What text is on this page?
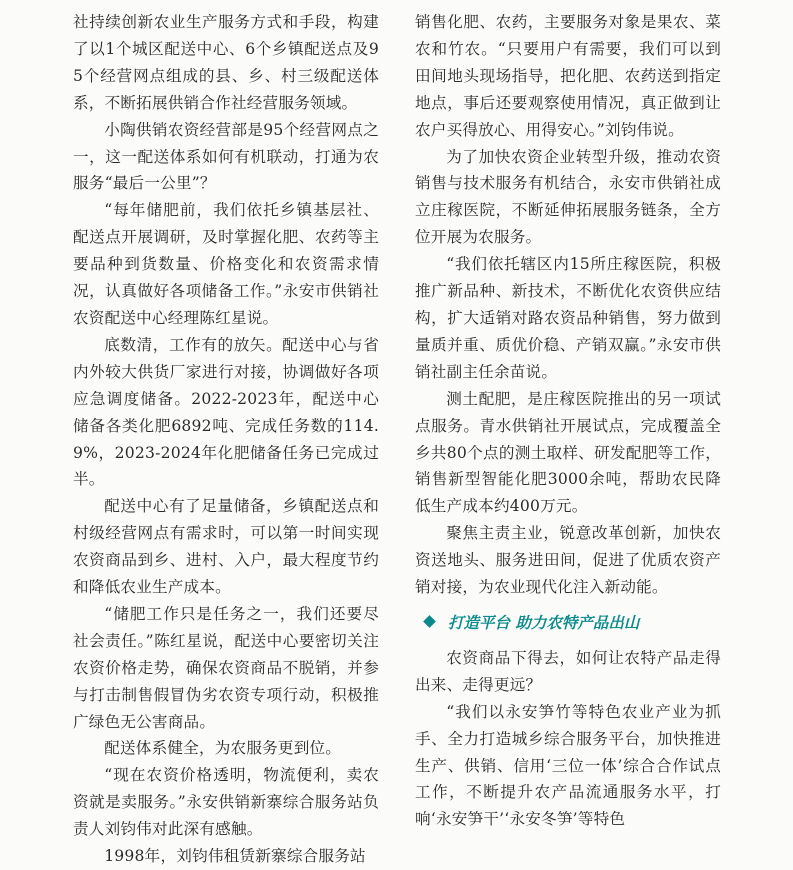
社持续创新农业生产服务方式和手段，构建了以1个城区配送中心、6个乡镇配送点及95个经营网点组成的县、乡、村三级配送体系，不断拓展供销合作社经营服务领域。

小陶供销农资经营部是95个经营网点之一，这一配送体系如何有机联动，打通为农服务“最后一公里”？

“每年储肥前，我们依托乡镇基层社、配送点开展调研，及时掌握化肥、农药等主要品种到货数量、价格变化和农资需求情况，认真做好各项储备工作。”永安市供销社农资配送中心经理陈红星说。

底数清，工作有的放矢。配送中心与省内外较大供货厂家进行对接，协调做好各项应急调度储备。2022-2023年，配送中心储备各类化肥6892吨、完成任务数的114.9%，2023-2024年化肥储备任务已完成过半。

配送中心有了足量储备，乡镇配送点和村级经营网点有需求时，可以第一时间实现农资商品到乡、进村、入户，最大程度节约和降低农业生产成本。

“储肥工作只是任务之一，我们还要尽社会责任。”陈红星说，配送中心要密切关注农资价格走势，确保农资商品不脱销，并参与打击制售假冒伪劣农资专项行动，积极推广绿色无公害商品。

配送体系健全，为农服务更到位。

“现在农资价格透明，物流便利，卖农资就是卖服务。”永安供销新寨综合服务站负责人刘钧伟对此深有感触。

1998年，刘钧伟租赁新寨综合服务站

销售化肥、农药，主要服务对象是果农、菜农和竹农。“只要用户有需要，我们可以到田间地头现场指导，把化肥、农药送到指定地点，事后还要观察使用情况，真正做到让农户买得放心、用得安心。”刘钧伟说。

为了加快农资企业转型升级，推动农资销售与技术服务有机结合，永安市供销社成立庄稼医院，不断延伸拓展服务链条，全方位开展为农服务。

“我们依托辖区内15所庄稼医院，积极推广新品种、新技术，不断优化农资供应结构，扩大适销对路农资品种销售，努力做到量质并重、质优价稳、产销双赢。”永安市供销社副主任余苗说。

测土配肥，是庄稼医院推出的另一项试点服务。青水供销社开展试点，完成覆盖全乡共80个点的测土取样、研发配肥等工作，销售新型智能化肥3000余吨，帮助农民降低生产成本约400万元。

聚焦主责主业，锐意改革创新，加快农资送地头、服务进田间，促进了优质农资产销对接，为农业现代化注入新动能。

打造平台 助力农特产品出山

农资商品下得去，如何让农特产品走得出来、走得更远？

“我们以永安笋竹等特色农业产业为抓手、全力打造城乡综合服务平台，加快推进生产、供销、信用‘三位一体’综合合作试点工作，不断提升农产品流通服务水平，打响‘永安笋干’‘永安冬笋’等特色
